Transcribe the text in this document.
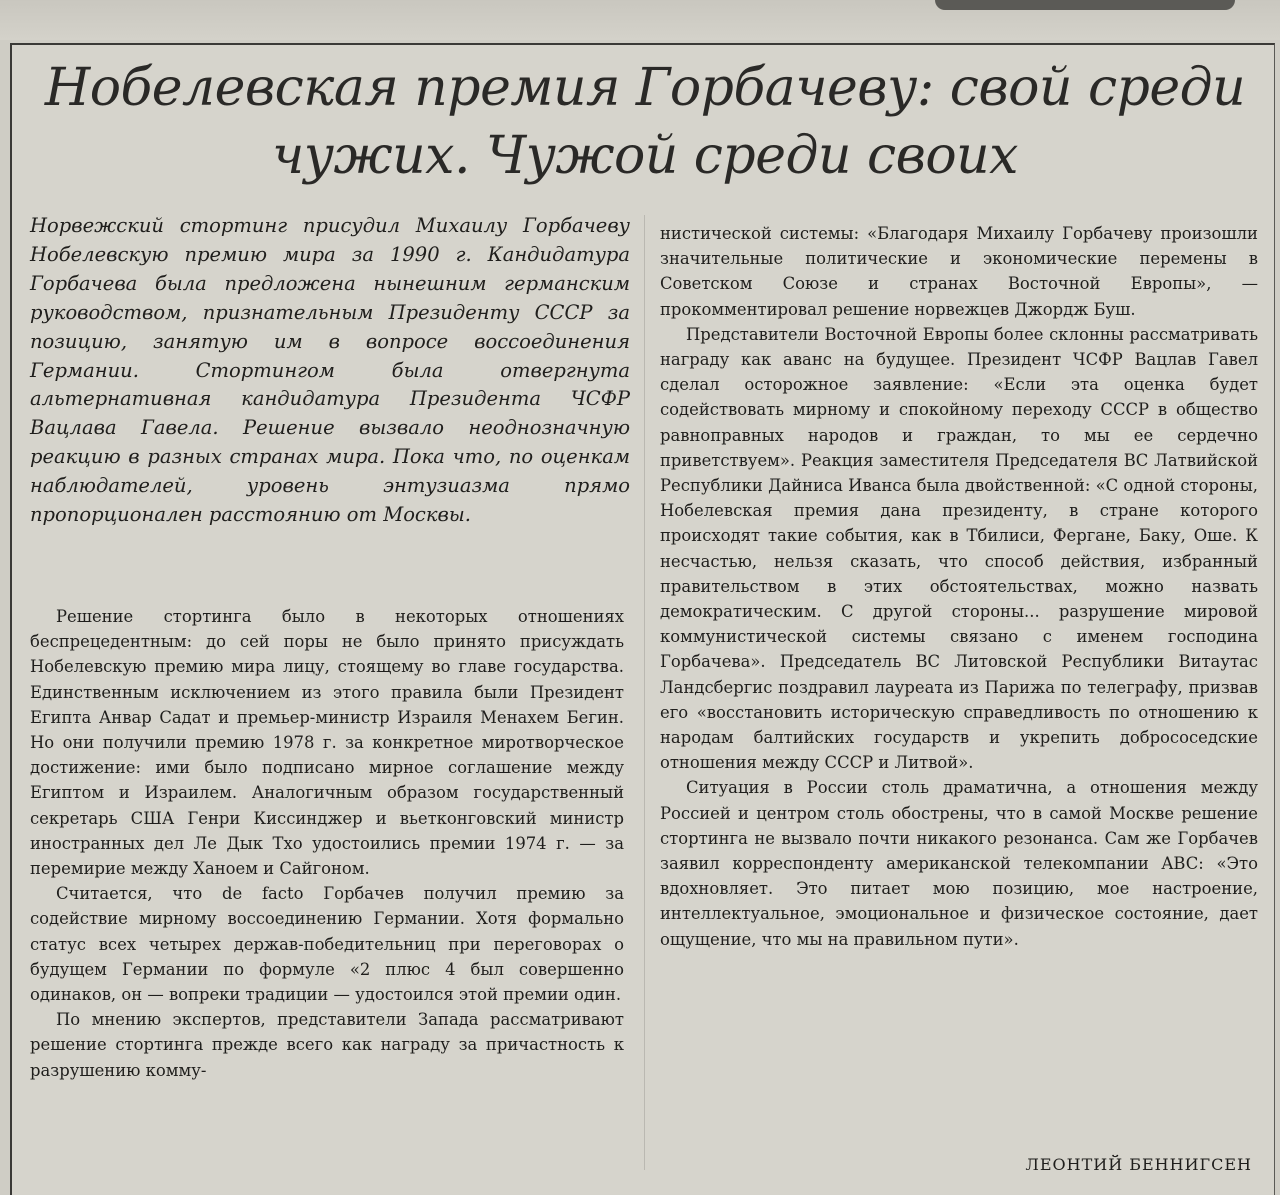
Нобелевская премия Горбачеву: свой среди чужих. Чужой среди своих

Норвежский стортинг присудил Михаилу Горбачеву Нобелевскую премию мира за 1990 г. Кандидатура Горбачева была предложена нынешним германским руководством, признательным Президенту СССР за позицию, занятую им в вопросе воссоединения Германии. Стортингом была отвергнута альтернативная кандидатура Президента ЧСФР Вацлава Гавела. Решение вызвало неоднозначную реакцию в разных странах мира. Пока что, по оценкам наблюдателей, уровень энтузиазма прямо пропорционален расстоянию от Москвы.

Решение стортинга было в некоторых отношениях беспрецедентным: до сей поры не было принято присуждать Нобелевскую премию мира лицу, стоящему во главе государства. Единственным исключением из этого правила были Президент Египта Анвар Садат и премьер-министр Израиля Менахем Бегин. Но они получили премию 1978 г. за конкретное миротворческое достижение: ими было подписано мирное соглашение между Египтом и Израилем. Аналогичным образом государственный секретарь США Генри Киссинджер и вьетконговский министр иностранных дел Ле Дык Тхо удостоились премии 1974 г. — за перемирие между Ханоем и Сайгоном.

Считается, что de facto Горбачев получил премию за содействие мирному воссоединению Германии. Хотя формально статус всех четырех держав-победительниц при переговорах о будущем Германии по формуле «2 плюс 4 был совершенно одинаков, он — вопреки традиции — удостоился этой премии один.

По мнению экспертов, представители Запада рассматривают решение стортинга прежде всего как награду за причастность к разрушению комму-

нистической системы: «Благодаря Михаилу Горбачеву произошли значительные политические и экономические перемены в Советском Союзе и странах Восточной Европы», — прокомментировал решение норвежцев Джордж Буш.

Представители Восточной Европы более склонны рассматривать награду как аванс на будущее. Президент ЧСФР Вацлав Гавел сделал осторожное заявление: «Если эта оценка будет содействовать мирному и спокойному переходу СССР в общество равноправных народов и граждан, то мы ее сердечно приветствуем». Реакция заместителя Председателя ВС Латвийской Республики Дайниса Иванса была двойственной: «С одной стороны, Нобелевская премия дана президенту, в стране которого происходят такие события, как в Тбилиси, Фергане, Баку, Оше. К несчастью, нельзя сказать, что способ действия, избранный правительством в этих обстоятельствах, можно назвать демократическим. С другой стороны... разрушение мировой коммунистической системы связано с именем господина Горбачева». Председатель ВС Литовской Республики Витаутас Ландсбергис поздравил лауреата из Парижа по телеграфу, призвав его «восстановить историческую справедливость по отношению к народам балтийских государств и укрепить добрососедские отношения между СССР и Литвой».

Ситуация в России столь драматична, а отношения между Россией и центром столь обострены, что в самой Москве решение стортинга не вызвало почти никакого резонанса. Сам же Горбачев заявил корреспонденту американской телекомпании ABC: «Это вдохновляет. Это питает мою позицию, мое настроение, интеллектуальное, эмоциональное и физическое состояние, дает ощущение, что мы на правильном пути».

ЛЕОНТИЙ БЕННИГСЕН
